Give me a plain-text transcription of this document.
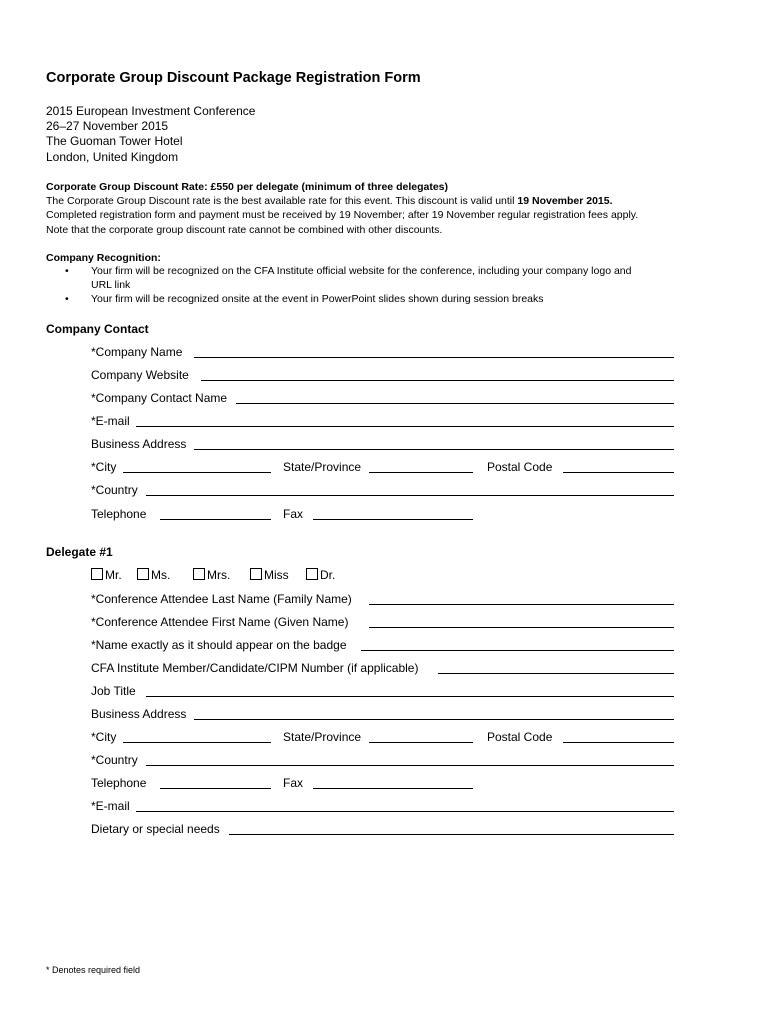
Corporate Group Discount Package Registration Form
2015 European Investment Conference
26–27 November 2015
The Guoman Tower Hotel
London, United Kingdom
Corporate Group Discount Rate: £550 per delegate (minimum of three delegates)
The Corporate Group Discount rate is the best available rate for this event. This discount is valid until 19 November 2015.
Completed registration form and payment must be received by 19 November; after 19 November regular registration fees apply.
Note that the corporate group discount rate cannot be combined with other discounts.
Company Recognition:
• Your firm will be recognized on the CFA Institute official website for the conference, including your company logo and
URL link
• Your firm will be recognized onsite at the event in PowerPoint slides shown during session breaks
Company Contact
*Company Name
Company Website
*Company Contact Name
*E-mail
Business Address
*City	State/Province	Postal Code
*Country
Telephone	Fax
Delegate #1
Mr.	Ms.	Mrs.	Miss	Dr.
*Conference Attendee Last Name (Family Name)
*Conference Attendee First Name (Given Name)
*Name exactly as it should appear on the badge
CFA Institute Member/Candidate/CIPM Number (if applicable)
Job Title
Business Address
*City	State/Province	Postal Code
*Country
Telephone	Fax
*E-mail
Dietary or special needs
* Denotes required field
